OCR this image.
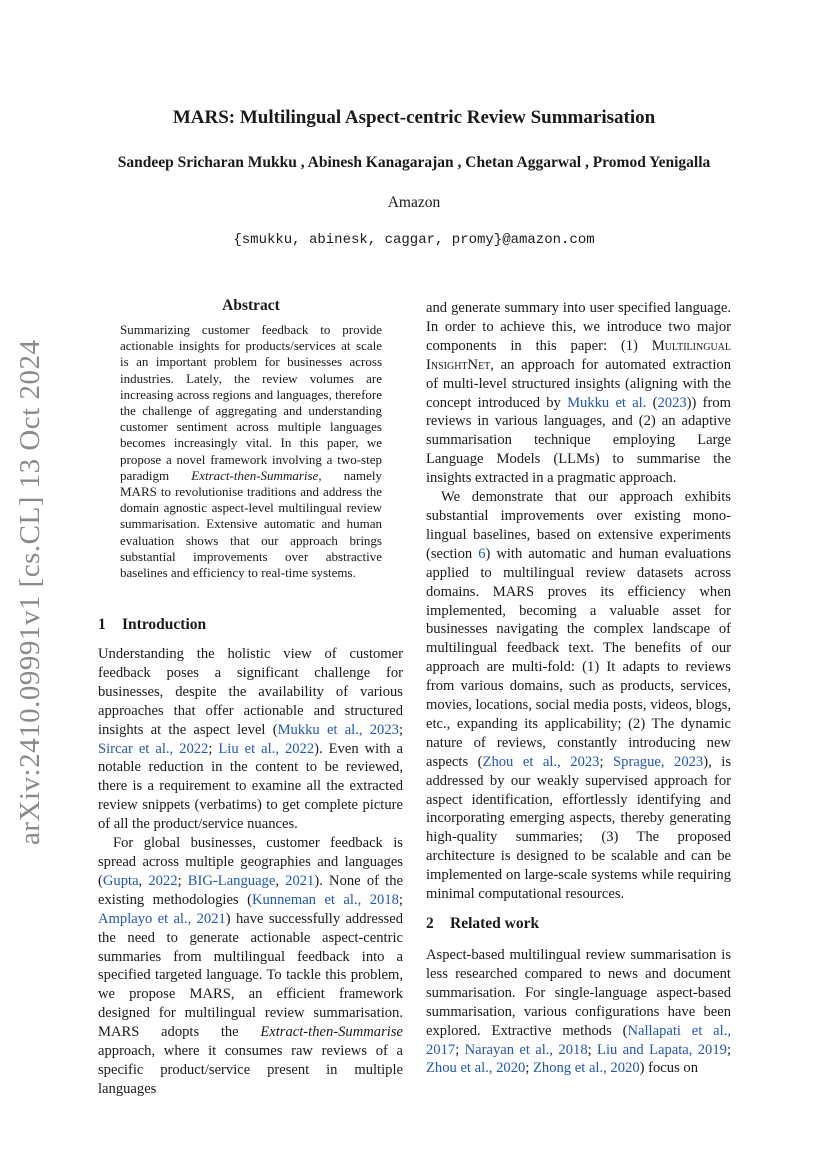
arXiv:2410.09991v1 [cs.CL] 13 Oct 2024
MARS: Multilingual Aspect-centric Review Summarisation
Sandeep Sricharan Mukku , Abinesh Kanagarajan , Chetan Aggarwal , Promod Yenigalla
Amazon
{smukku, abinesk, caggar, promy}@amazon.com
Abstract
Summarizing customer feedback to provide actionable insights for products/services at scale is an important problem for businesses across industries. Lately, the review volumes are increasing across regions and languages, therefore the challenge of aggregating and understanding customer sentiment across multiple languages becomes increasingly vital. In this paper, we propose a novel framework involving a two-step paradigm Extract-then-Summarise, namely MARS to revolutionise traditions and address the domain agnostic aspect-level multilingual review summarisation. Extensive automatic and human evaluation shows that our approach brings substantial improvements over abstractive baselines and efficiency to real-time systems.
1 Introduction

Understanding the holistic view of customer feedback poses a significant challenge for businesses, despite the availability of various approaches that offer actionable and structured insights at the aspect level (Mukku et al., 2023; Sircar et al., 2022; Liu et al., 2022). Even with a notable reduction in the content to be reviewed, there is a requirement to examine all the extracted review snippets (verbatims) to get complete picture of all the product/service nuances.

For global businesses, customer feedback is spread across multiple geographies and languages (Gupta, 2022; BIG-Language, 2021). None of the existing methodologies (Kunneman et al., 2018; Amplayo et al., 2021) have successfully addressed the need to generate actionable aspect-centric summaries from multilingual feedback into a specified targeted language. To tackle this problem, we propose MARS, an efficient framework designed for multilingual review summarisation. MARS adopts the Extract-then-Summarise approach, where it consumes raw reviews of a specific product/service present in multiple languages

and generate summary into user specified language. In order to achieve this, we introduce two major components in this paper: (1) Multilingual InsightNet, an approach for automated extraction of multi-level structured insights (aligning with the concept introduced by Mukku et al. (2023)) from reviews in various languages, and (2) an adaptive summarisation technique employing Large Language Models (LLMs) to summarise the insights extracted in a pragmatic approach.

We demonstrate that our approach exhibits substantial improvements over existing mono-lingual baselines, based on extensive experiments (section 6) with automatic and human evaluations applied to multilingual review datasets across domains. MARS proves its efficiency when implemented, becoming a valuable asset for businesses navigating the complex landscape of multilingual feedback text. The benefits of our approach are multi-fold: (1) It adapts to reviews from various domains, such as products, services, movies, locations, social media posts, videos, blogs, etc., expanding its applicability; (2) The dynamic nature of reviews, constantly introducing new aspects (Zhou et al., 2023; Sprague, 2023), is addressed by our weakly supervised approach for aspect identification, effortlessly identifying and incorporating emerging aspects, thereby generating high-quality summaries; (3) The proposed architecture is designed to be scalable and can be implemented on large-scale systems while requiring minimal computational resources.

2 Related work

Aspect-based multilingual review summarisation is less researched compared to news and document summarisation. For single-language aspect-based summarisation, various configurations have been explored. Extractive methods (Nallapati et al., 2017; Narayan et al., 2018; Liu and Lapata, 2019; Zhou et al., 2020; Zhong et al., 2020) focus on
